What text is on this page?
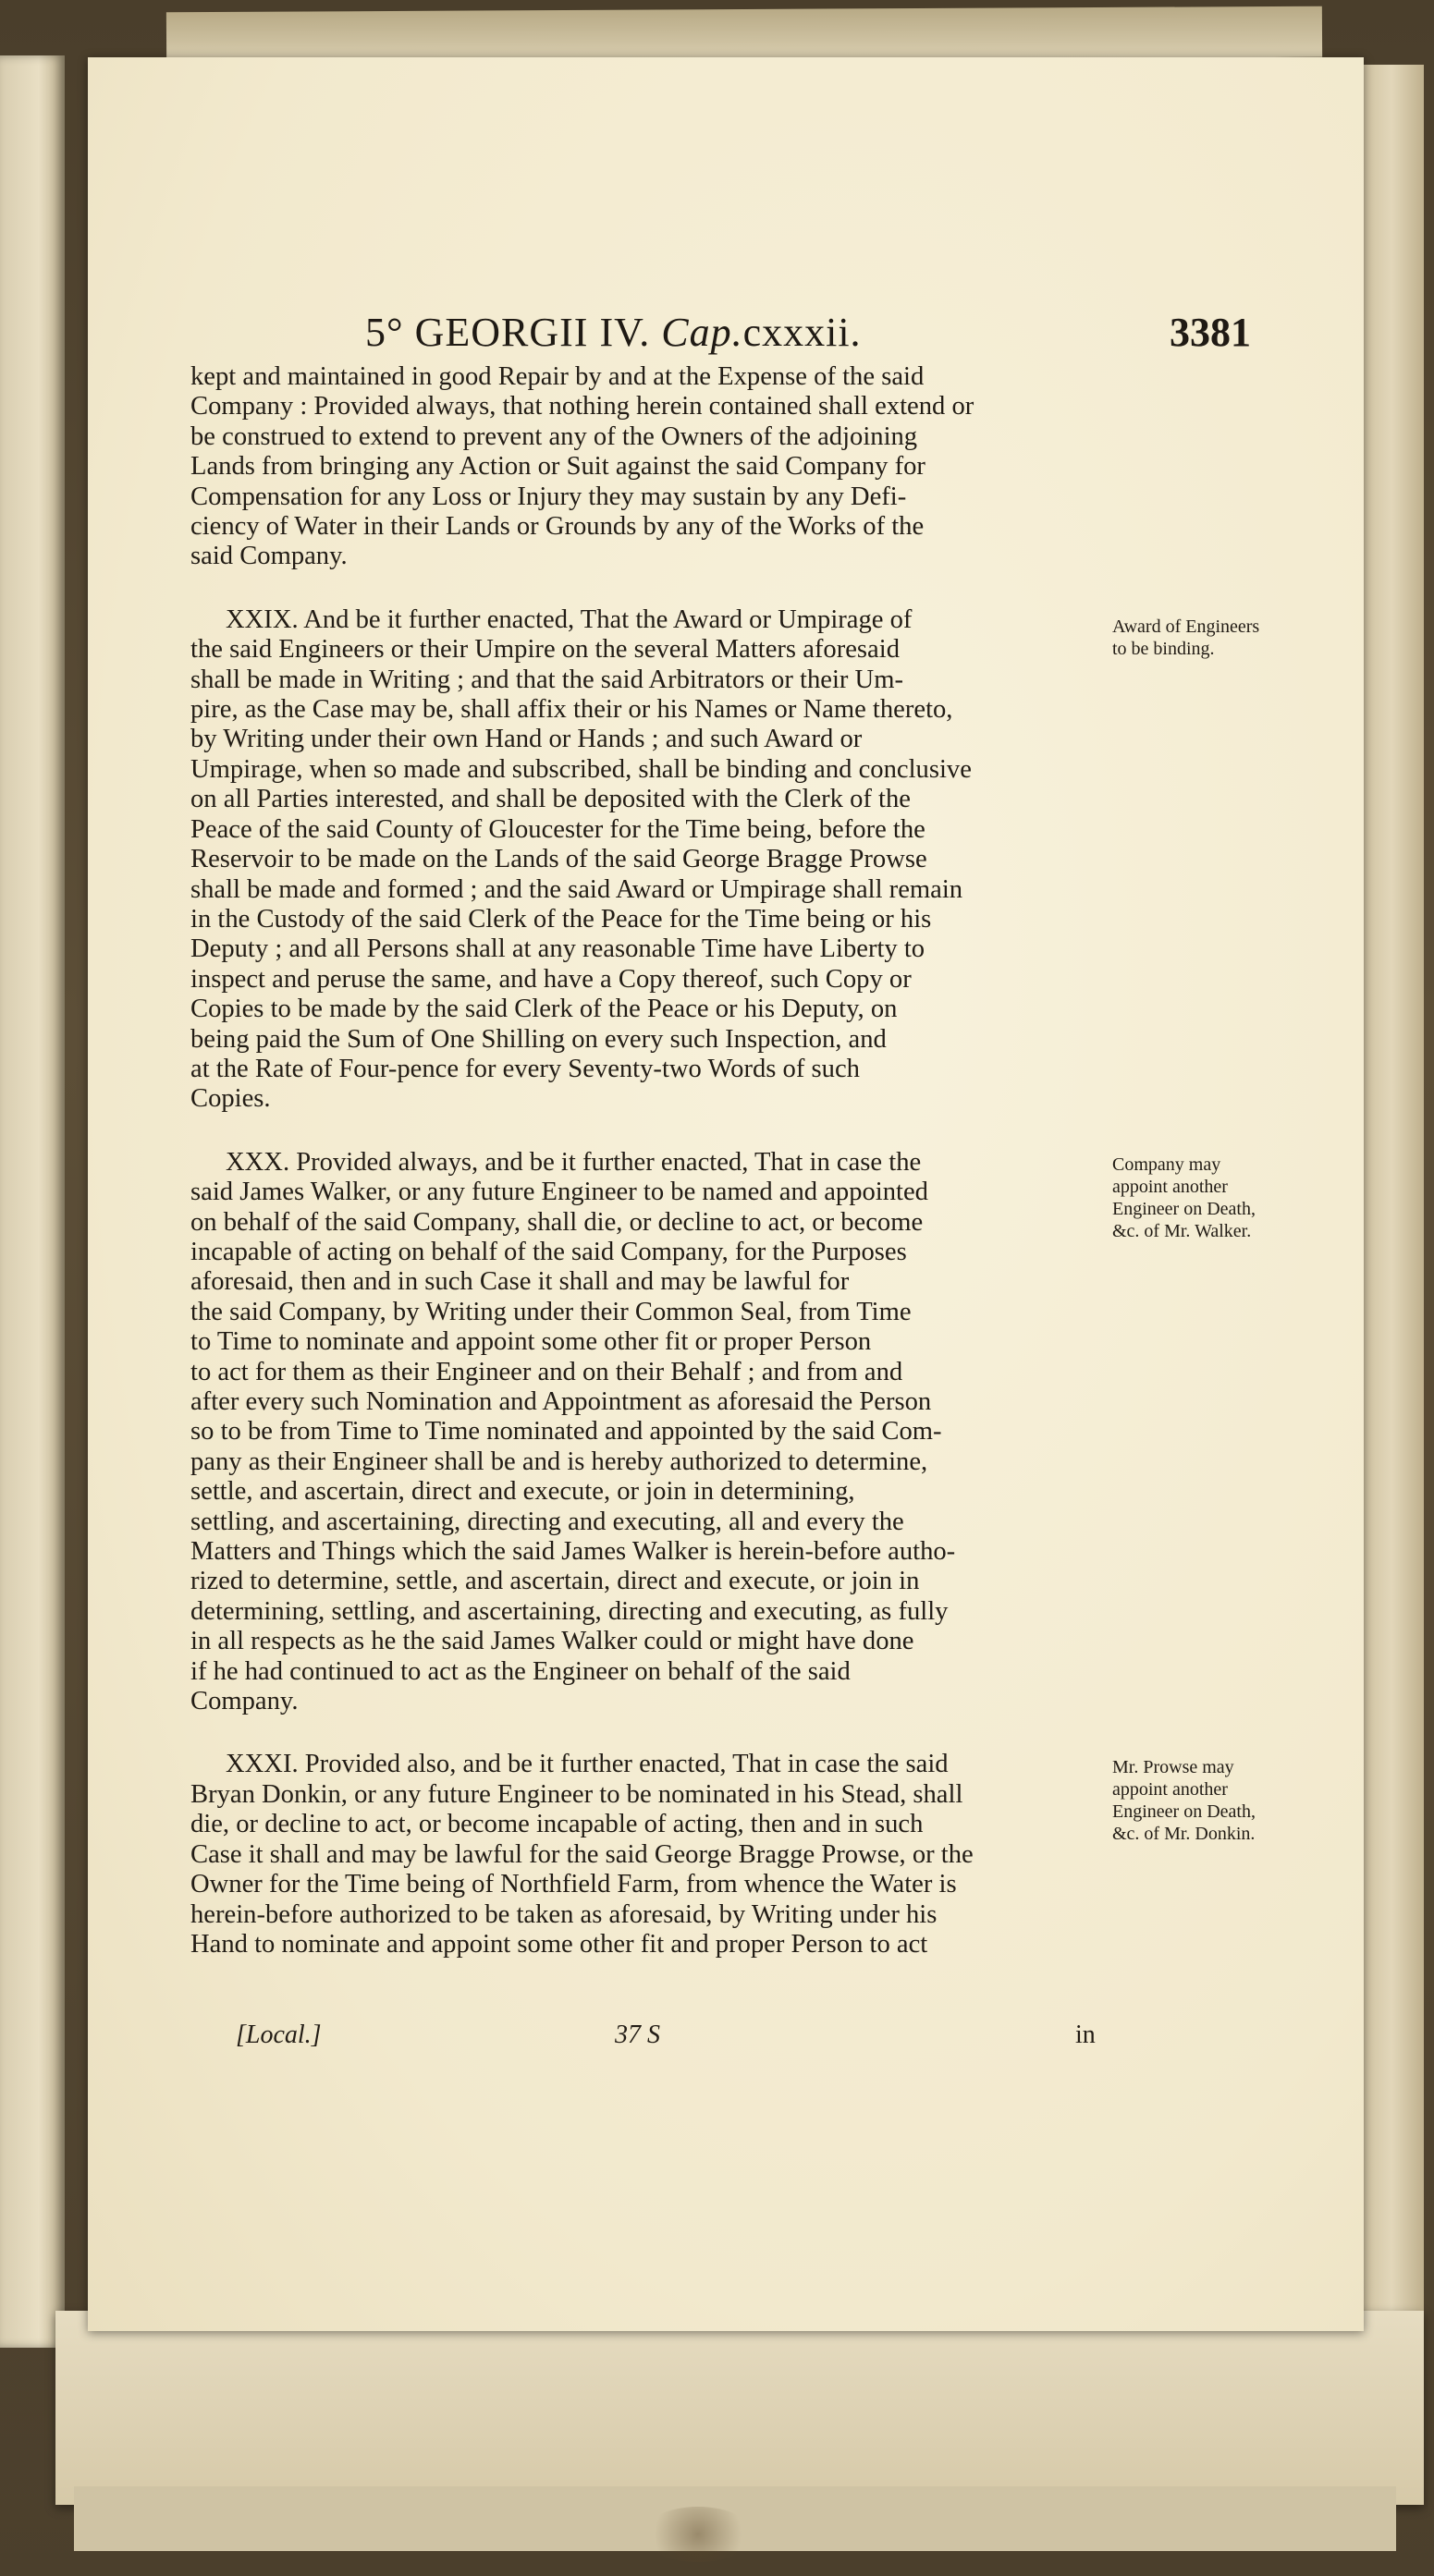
5° GEORGII IV. Cap.cxxxii.	3381

kept and maintained in good Repair by and at the Expense of the said

Company : Provided always, that nothing herein contained shall extend or

be construed to extend to prevent any of the Owners of the adjoining

Lands from bringing any Action or Suit against the said Company for

Compensation for any Loss or Injury they may sustain by any Defi-

ciency of Water in their Lands or Grounds by any of the Works of the

said Company.

XXIX. And be it further enacted, That the Award or Umpirage of

the said Engineers or their Umpire on the several Matters aforesaid

shall be made in Writing ; and that the said Arbitrators or their Um-

pire, as the Case may be, shall affix their or his Names or Name thereto,

by Writing under their own Hand or Hands ; and such Award or

Umpirage, when so made and subscribed, shall be binding and conclusive

on all Parties interested, and shall be deposited with the Clerk of the

Peace of the said County of Gloucester for the Time being, before the

Reservoir to be made on the Lands of the said George Bragge Prowse

shall be made and formed ; and the said Award or Umpirage shall remain

in the Custody of the said Clerk of the Peace for the Time being or his

Deputy ; and all Persons shall at any reasonable Time have Liberty to

inspect and peruse the same, and have a Copy thereof, such Copy or

Copies to be made by the said Clerk of the Peace or his Deputy, on

being paid the Sum of One Shilling on every such Inspection, and

at the Rate of Four-pence for every Seventy-two Words of such

Copies.

XXX. Provided always, and be it further enacted, That in case the

said James Walker, or any future Engineer to be named and appointed

on behalf of the said Company, shall die, or decline to act, or become

incapable of acting on behalf of the said Company, for the Purposes

aforesaid, then and in such Case it shall and may be lawful for

the said Company, by Writing under their Common Seal, from Time

to Time to nominate and appoint some other fit or proper Person

to act for them as their Engineer and on their Behalf ; and from and

after every such Nomination and Appointment as aforesaid the Person

so to be from Time to Time nominated and appointed by the said Com-

pany as their Engineer shall be and is hereby authorized to determine,

settle, and ascertain, direct and execute, or join in determining,

settling, and ascertaining, directing and executing, all and every the

Matters and Things which the said James Walker is herein-before autho-

rized to determine, settle, and ascertain, direct and execute, or join in

determining, settling, and ascertaining, directing and executing, as fully

in all respects as he the said James Walker could or might have done

if he had continued to act as the Engineer on behalf of the said

Company.

XXXI. Provided also, and be it further enacted, That in case the said

Bryan Donkin, or any future Engineer to be nominated in his Stead, shall

die, or decline to act, or become incapable of acting, then and in such

Case it shall and may be lawful for the said George Bragge Prowse, or the

Owner for the Time being of Northfield Farm, from whence the Water is

herein-before authorized to be taken as aforesaid, by Writing under his

Hand to nominate and appoint some other fit and proper Person to act

Award of Engineers to be binding.
Company may appoint another Engineer on Death, &c. of Mr. Walker.
Mr. Prowse may appoint another Engineer on Death, &c. of Mr. Donkin.
[Local.]	37 S	in
